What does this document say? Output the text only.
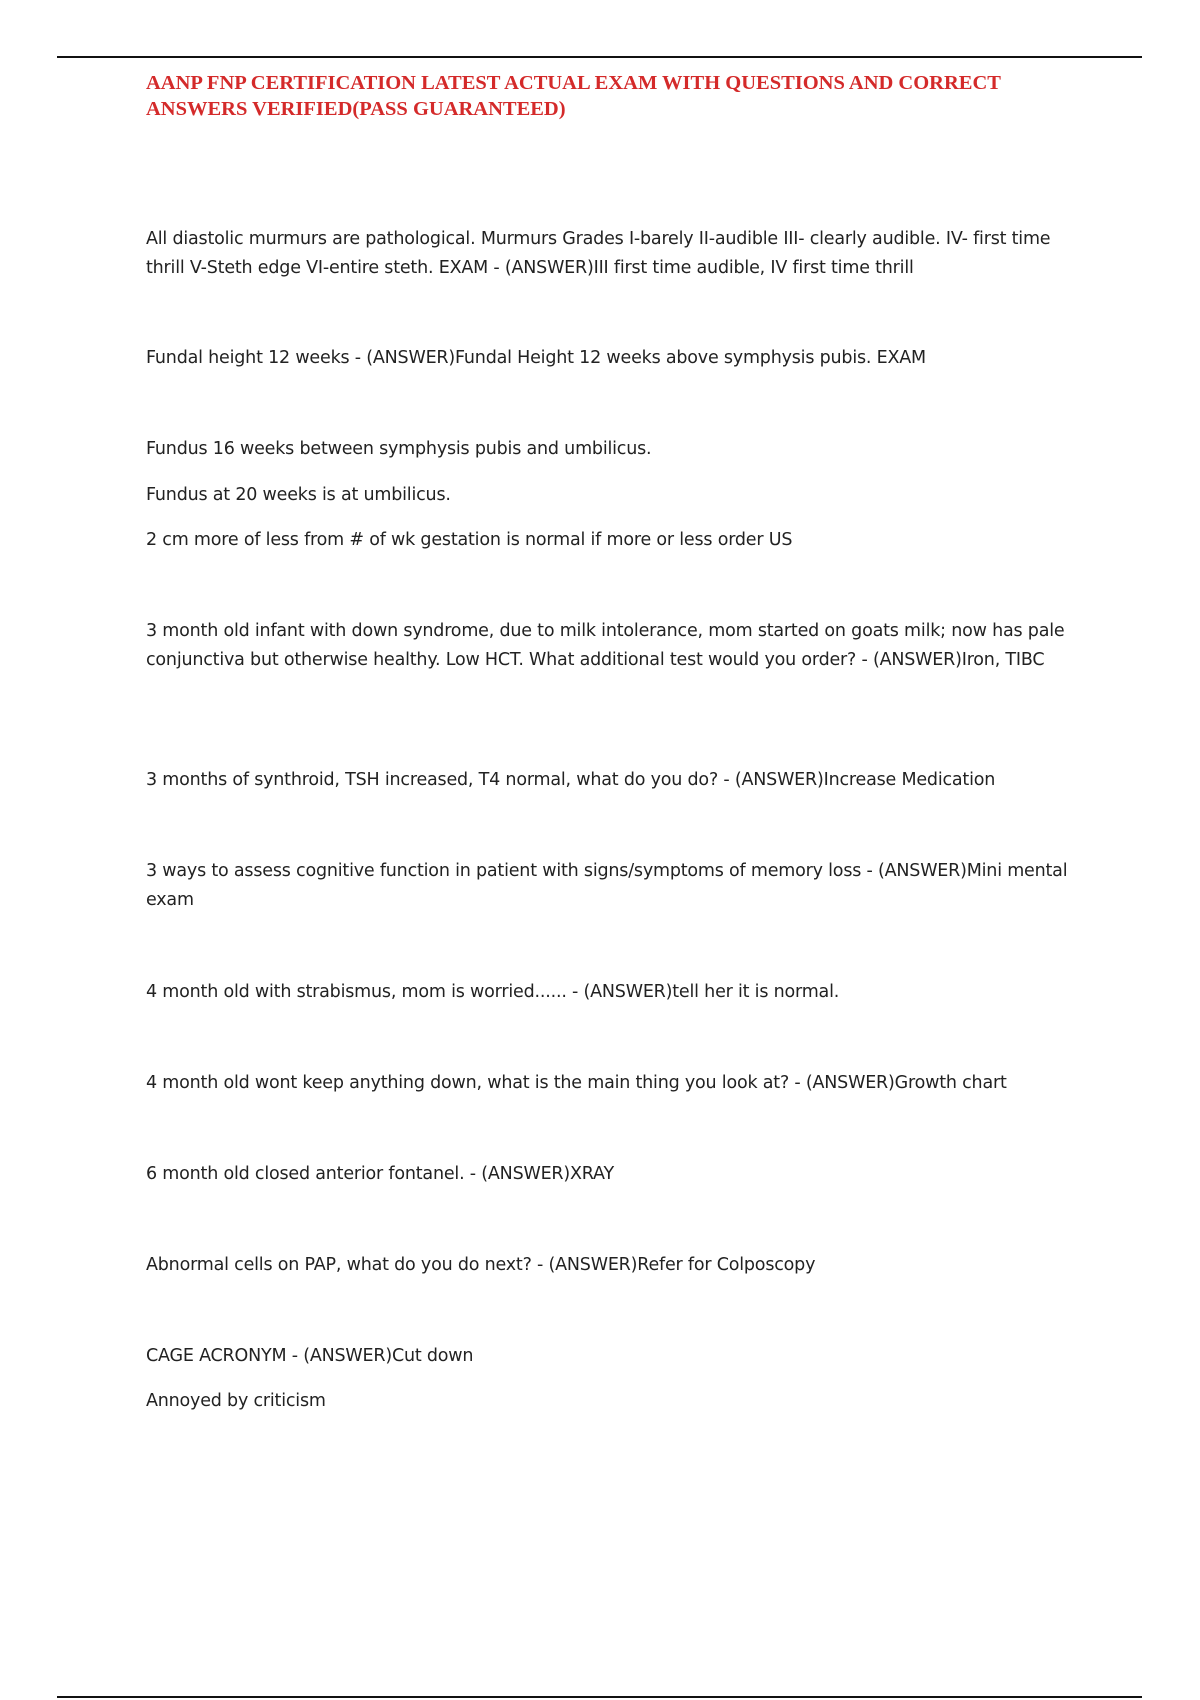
AANP FNP CERTIFICATION LATEST ACTUAL EXAM WITH QUESTIONS AND CORRECT ANSWERS VERIFIED(PASS GUARANTEED)

All diastolic murmurs are pathological. Murmurs Grades I-barely II-audible III- clearly audible. IV- first time thrill V-Steth edge VI-entire steth. EXAM - (ANSWER)III first time audible, IV first time thrill

Fundal height 12 weeks - (ANSWER)Fundal Height 12 weeks above symphysis pubis. EXAM

Fundus 16 weeks between symphysis pubis and umbilicus.

Fundus at 20 weeks is at umbilicus.

2 cm more of less from # of wk gestation is normal if more or less order US

3 month old infant with down syndrome, due to milk intolerance, mom started on goats milk; now has pale conjunctiva but otherwise healthy. Low HCT. What additional test would you order? - (ANSWER)Iron, TIBC

3 months of synthroid, TSH increased, T4 normal, what do you do? - (ANSWER)Increase Medication

3 ways to assess cognitive function in patient with signs/symptoms of memory loss - (ANSWER)Mini mental exam

4 month old with strabismus, mom is worried...... - (ANSWER)tell her it is normal.

4 month old wont keep anything down, what is the main thing you look at? - (ANSWER)Growth chart

6 month old closed anterior fontanel. - (ANSWER)XRAY

Abnormal cells on PAP, what do you do next? - (ANSWER)Refer for Colposcopy

CAGE ACRONYM - (ANSWER)Cut down

Annoyed by criticism
